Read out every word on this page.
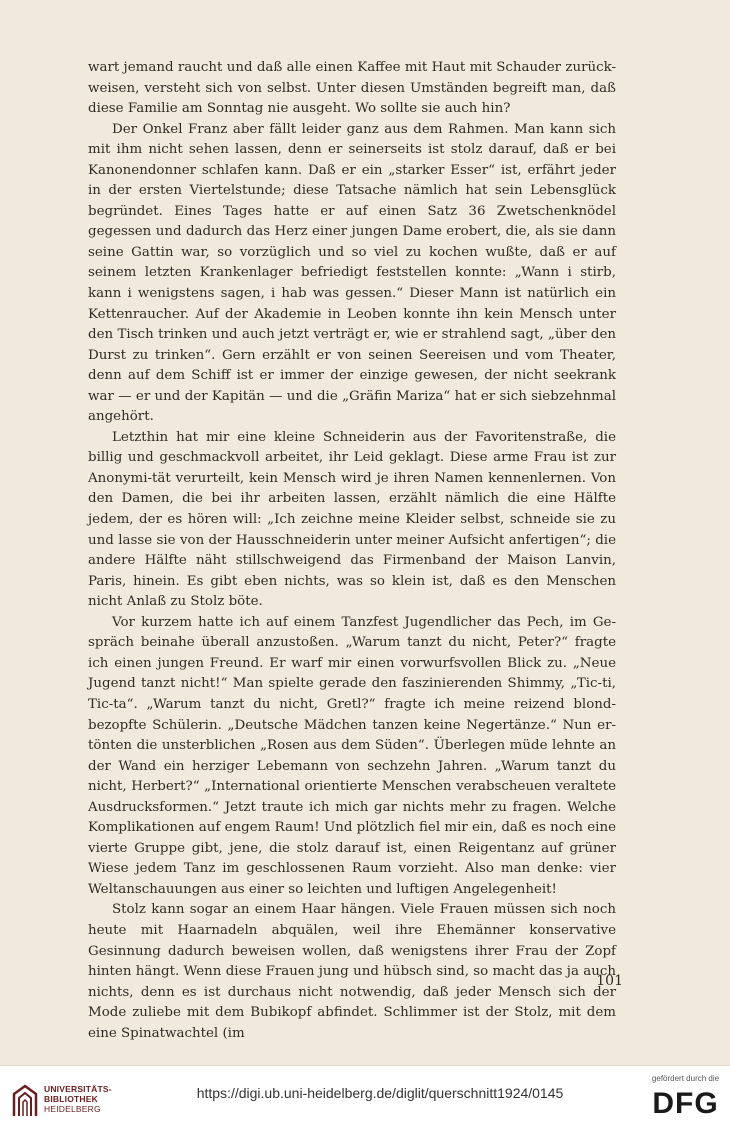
wart jemand raucht und daß alle einen Kaffee mit Haut mit Schauder zurück-weisen, versteht sich von selbst. Unter diesen Umständen begreift man, daß diese Familie am Sonntag nie ausgeht. Wo sollte sie auch hin?

Der Onkel Franz aber fällt leider ganz aus dem Rahmen. Man kann sich mit ihm nicht sehen lassen, denn er seinerseits ist stolz darauf, daß er bei Kanonendonner schlafen kann. Daß er ein „starker Esser“ ist, erfährt jeder in der ersten Viertelstunde; diese Tatsache nämlich hat sein Lebensglück begründet. Eines Tages hatte er auf einen Satz 36 Zwetschenknödel gegessen und dadurch das Herz einer jungen Dame erobert, die, als sie dann seine Gattin war, so vorzüglich und so viel zu kochen wußte, daß er auf seinem letzten Krankenlager befriedigt feststellen konnte: „Wann i stirb, kann i wenigstens sagen, i hab was gessen.“ Dieser Mann ist natürlich ein Kettenraucher. Auf der Akademie in Leoben konnte ihn kein Mensch unter den Tisch trinken und auch jetzt verträgt er, wie er strahlend sagt, „über den Durst zu trinken“. Gern erzählt er von seinen Seereisen und vom Theater, denn auf dem Schiff ist er immer der einzige gewesen, der nicht seekrank war — er und der Kapitän — und die „Gräfin Mariza“ hat er sich siebzehnmal angehört.

Letzthin hat mir eine kleine Schneiderin aus der Favoritenstraße, die billig und geschmackvoll arbeitet, ihr Leid geklagt. Diese arme Frau ist zur Anonymi-tät verurteilt, kein Mensch wird je ihren Namen kennenlernen. Von den Damen, die bei ihr arbeiten lassen, erzählt nämlich die eine Hälfte jedem, der es hören will: „Ich zeichne meine Kleider selbst, schneide sie zu und lasse sie von der Hausschneiderin unter meiner Aufsicht anfertigen“; die andere Hälfte näht stillschweigend das Firmenband der Maison Lanvin, Paris, hinein. Es gibt eben nichts, was so klein ist, daß es den Menschen nicht Anlaß zu Stolz böte.

Vor kurzem hatte ich auf einem Tanzfest Jugendlicher das Pech, im Ge-spräch beinahe überall anzustoßen. „Warum tanzt du nicht, Peter?“ fragte ich einen jungen Freund. Er warf mir einen vorwurfsvollen Blick zu. „Neue Jugend tanzt nicht!“ Man spielte gerade den faszinierenden Shimmy, „Tic-ti, Tic-ta“. „Warum tanzt du nicht, Gretl?“ fragte ich meine reizend blond-bezopfte Schülerin. „Deutsche Mädchen tanzen keine Negertänze.“ Nun er-tönten die unsterblichen „Rosen aus dem Süden“. Überlegen müde lehnte an der Wand ein herziger Lebemann von sechzehn Jahren. „Warum tanzt du nicht, Herbert?“ „International orientierte Menschen verabscheuen veraltete Ausdrucksformen.“ Jetzt traute ich mich gar nichts mehr zu fragen. Welche Komplikationen auf engem Raum! Und plötzlich fiel mir ein, daß es noch eine vierte Gruppe gibt, jene, die stolz darauf ist, einen Reigentanz auf grüner Wiese jedem Tanz im geschlossenen Raum vorzieht. Also man denke: vier Weltanschauungen aus einer so leichten und luftigen Angelegenheit!

Stolz kann sogar an einem Haar hängen. Viele Frauen müssen sich noch heute mit Haarnadeln abquälen, weil ihre Ehemänner konservative Gesinnung dadurch beweisen wollen, daß wenigstens ihrer Frau der Zopf hinten hängt. Wenn diese Frauen jung und hübsch sind, so macht das ja auch nichts, denn es ist durchaus nicht notwendig, daß jeder Mensch sich der Mode zuliebe mit dem Bubikopf abfindet. Schlimmer ist der Stolz, mit dem eine Spinatwachtel (im

101
UNIVERSITÄTS-
BIBLIOTHEK
HEIDELBERG
https://digi.ub.uni-heidelberg.de/diglit/querschnitt1924/0145
gefördert durch die
DFG
